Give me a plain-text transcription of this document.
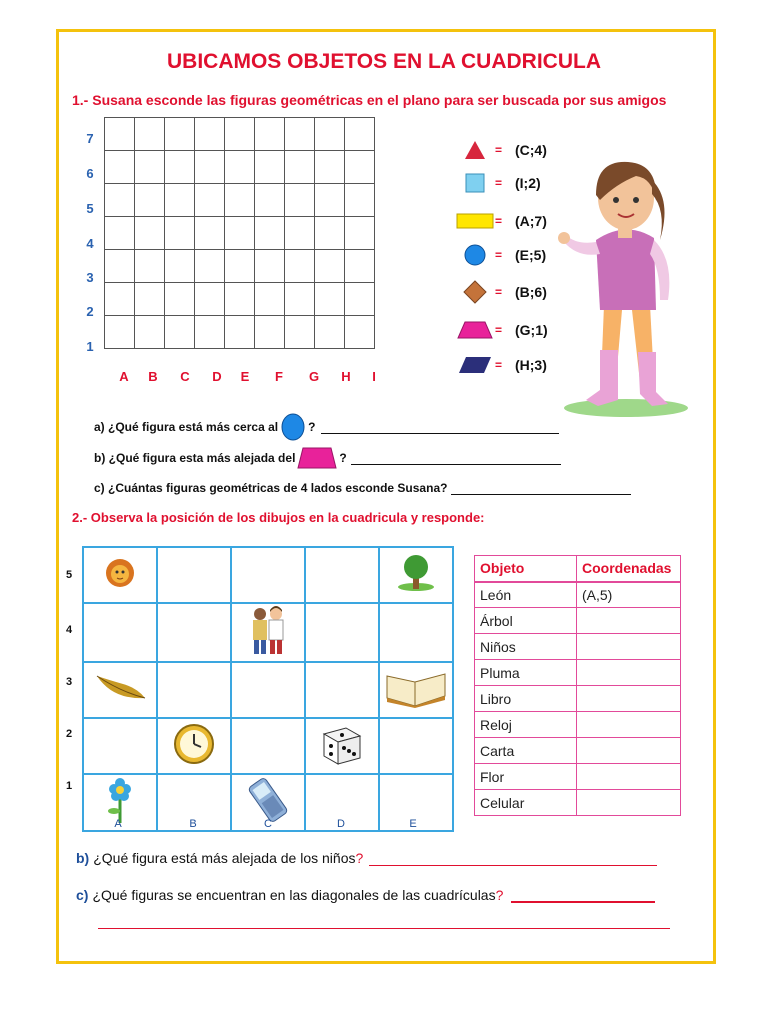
UBICAMOS OBJETOS EN LA CUADRICULA
1.- Susana esconde las figuras geométricas en el plano para ser buscada por sus amigos

7
6
5
4
3
2
1
A	B	C	D	E	F	G	H	I
= (C;4)
= (I;2)
= (A;7)
= (E;5)
= (B;6)
= (G;1)
= (H;3)
a) ¿Qué figura está más cerca al	?
b) ¿Qué figura esta más alejada del	?
c) ¿Cuántas figuras geométricas de 4 lados esconde Susana?
2.- Observa la posición de los dibujos en la cuadricula y responde:

5
4
3
2
1
A	B	C	D	E
Objeto	Coordenadas
León	(A,5)
Árbol	
Niños	
Pluma	
Libro	
Reloj	
Carta	
Flor	
Celular	
b) ¿Qué figura está más alejada de los niños ?
c) ¿Qué figuras se encuentran en las diagonales de las cuadrículas ?
